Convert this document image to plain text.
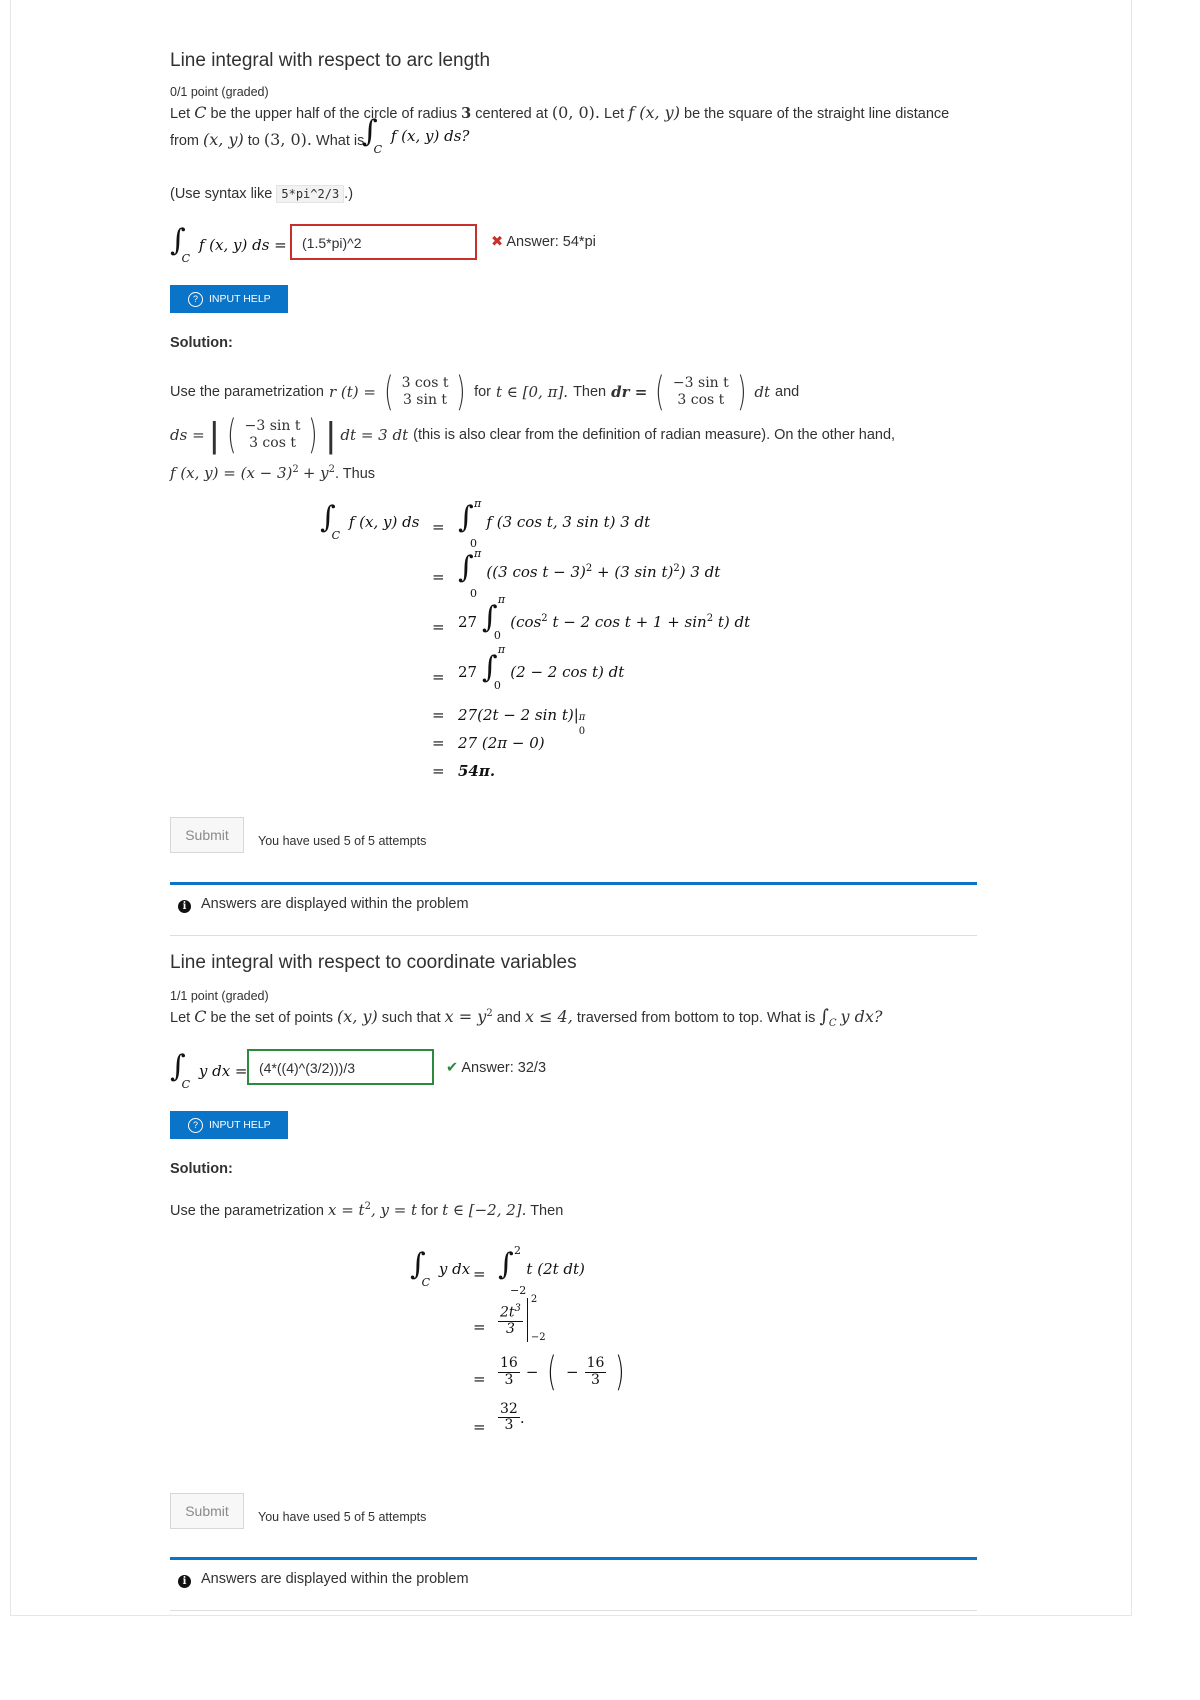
Line integral with respect to arc length
0/1 point (graded)
Let C be the upper half of the circle of radius 3 centered at (0, 0). Let f (x, y) be the square of the straight line distance
from (x, y) to (3, 0). What is
$\int_C$ f (x, y) ds?
(Use syntax like 5*pi^2/3 .)
$\int_C$ f (x, y) ds =	(1.5*pi)^2	✖ Answer: 54*pi
?	INPUT HELP
Solution:
Use the parametrization r (t) = ( 3 cos t
3 sin t ) for t ∈ [0, π]. Then dr = ( −3 sin t
3 cos t ) dt and
ds = | ( −3 sin t
3 cos t ) | dt = 3 dt (this is also clear from the definition of radian measure). On the other hand,
f (x, $y) = (x - 3)^2 + y^2$. Thus
$\int_C$ f (x, y) ds = ∫ π
0
f (3 cos t, 3 sin t) 3 dt
= ∫ π
0
((3 cos t − 3)$^2$ + (3 sin t)$^2$) 3 dt
= 27 ∫
π
0
($\cos^2$ t − 2 $\cos t + 1 + \sin^2 t$) dt
= 27 ∫
π
0
(2 − 2 cos t) dt
= 27(2t − 2 sin t)| π
0
= 27 (2π − 0)
= 54π.
Submit	You have used 5 of 5 attempts
i Answers are displayed within the problem
Line integral with respect to coordinate variables
1/1 point (graded)
Let C be the set of points (x, y) such that $x = y^2$ and x ≤ 4, traversed from bottom to top. What is $\int_C$ y dx?
$\int_C$ y dx = (4*((4)^(3/2)))/3	✔ Answer: 32/3
?	INPUT HELP
Solution:
Use the parametrization $x = t^2$, y = t for t ∈ [−2, 2]. Then
$\int_C$ y dx = ∫ 2
−2
t (2t dt)
= $\frac{2t^3}{3}$
2
−2
= $\frac{16}{3}$ − ( − $\frac{16}{3}$ )
= $\frac{32}{3}$ .
Submit	You have used 5 of 5 attempts
i Answers are displayed within the problem
